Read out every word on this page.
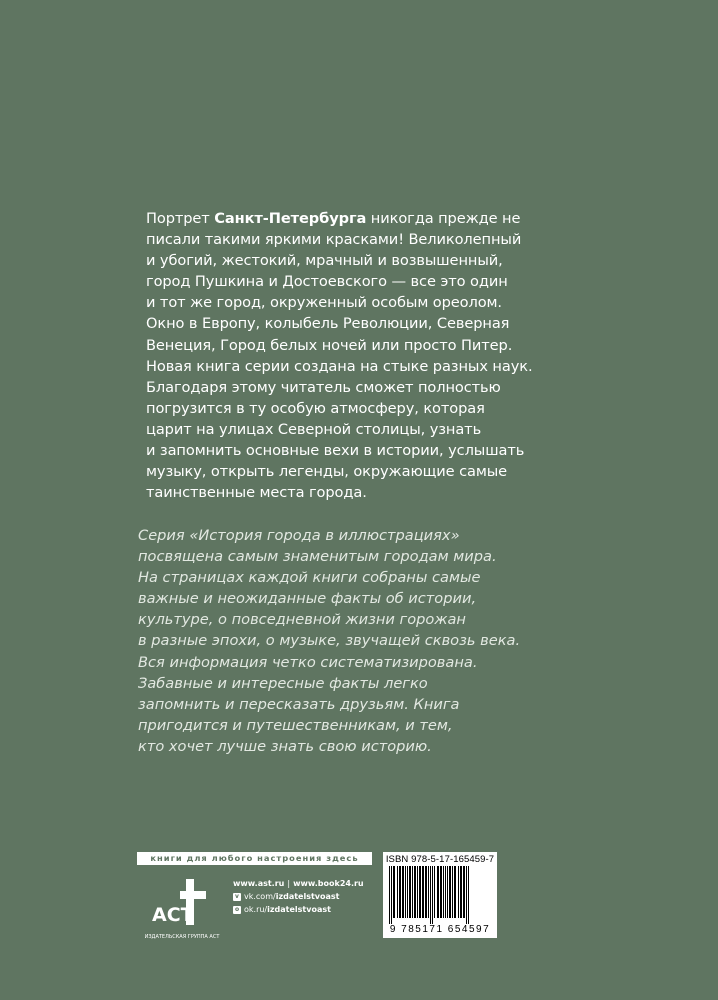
Портрет Санкт-Петербурга никогда прежде не

писали такими яркими красками! Великолепный

и убогий, жестокий, мрачный и возвышенный,

город Пушкина и Достоевского — все это один

и тот же город, окруженный особым ореолом.

Окно в Европу, колыбель Революции, Северная

Венеция, Город белых ночей или просто Питер.

Новая книга серии создана на стыке разных наук.

Благодаря этому читатель сможет полностью

погрузится в ту особую атмосферу, которая

царит на улицах Северной столицы, узнать

и запомнить основные вехи в истории, услышать

музыку, открыть легенды, окружающие самые

таинственные места города.

Серия «История города в иллюстрациях»

посвящена самым знаменитым городам мира.

На страницах каждой книги собраны самые

важные и неожиданные факты об истории,

культуре, о повседневной жизни горожан

в разные эпохи, о музыке, звучащей сквозь века.

Вся информация четко систематизирована.

Забавные и интересные факты легко

запомнить и пересказать друзьям. Книга

пригодится и путешественникам, и тем,

кто хочет лучше знать свою историю.

книги для любого настроения здесь
АСТ
ИЗДАТЕЛЬСКАЯ ГРУППА АСТ
www.ast.ru | www.book24.ru
v vk.com/ izdatelstvoast
o ok.ru/ izdatelstvoast
ISBN 978-5-17-165459-7
9 785171 654597
